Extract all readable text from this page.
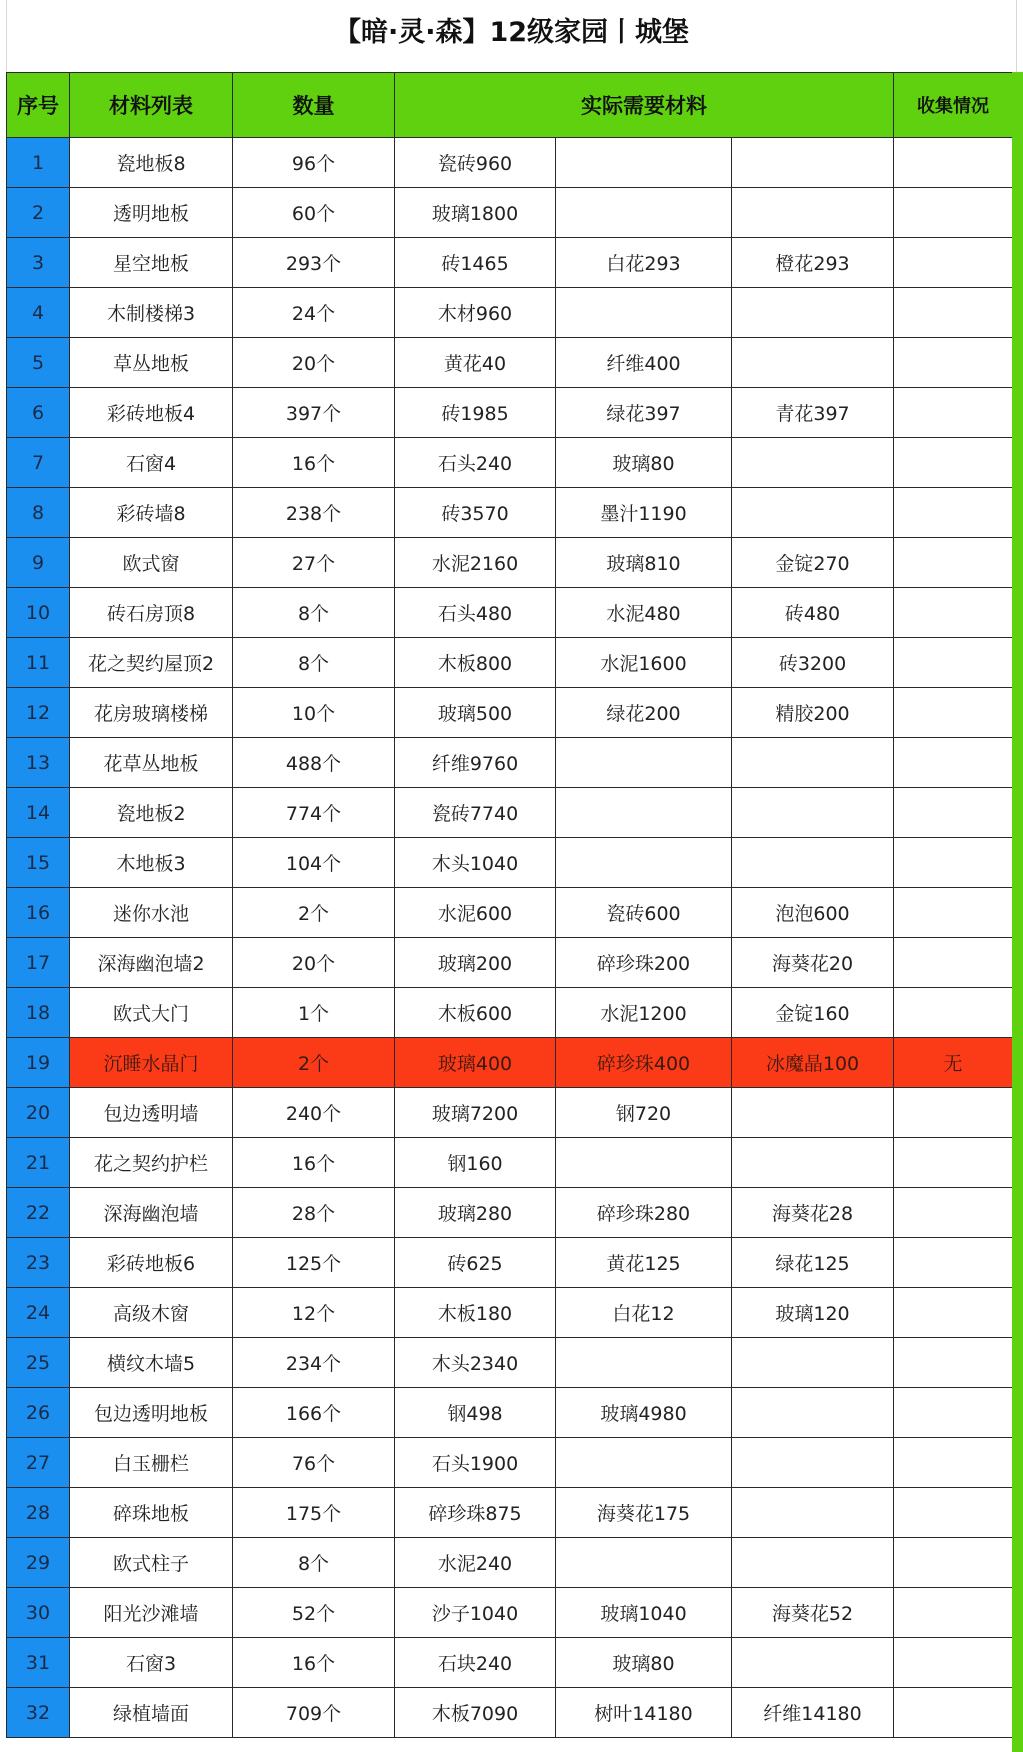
【暗·灵·森】12级家园丨城堡
序号	材料列表	数量	实际需要材料			收集情况
1	瓷地板8	96个	瓷砖960			
2	透明地板	60个	玻璃1800			
3	星空地板	293个	砖1465	白花293	橙花293	
4	木制楼梯3	24个	木材960			
5	草丛地板	20个	黄花40	纤维400		
6	彩砖地板4	397个	砖1985	绿花397	青花397	
7	石窗4	16个	石头240	玻璃80		
8	彩砖墙8	238个	砖3570	墨汁1190		
9	欧式窗	27个	水泥2160	玻璃810	金锭270	
10	砖石房顶8	8个	石头480	水泥480	砖480	
11	花之契约屋顶2	8个	木板800	水泥1600	砖3200	
12	花房玻璃楼梯	10个	玻璃500	绿花200	精胶200	
13	花草丛地板	488个	纤维9760			
14	瓷地板2	774个	瓷砖7740			
15	木地板3	104个	木头1040			
16	迷你水池	2个	水泥600	瓷砖600	泡泡600	
17	深海幽泡墙2	20个	玻璃200	碎珍珠200	海葵花20	
18	欧式大门	1个	木板600	水泥1200	金锭160	
19	沉睡水晶门	2个	玻璃400	碎珍珠400	冰魔晶100	无
20	包边透明墙	240个	玻璃7200	钢720		
21	花之契约护栏	16个	钢160			
22	深海幽泡墙	28个	玻璃280	碎珍珠280	海葵花28	
23	彩砖地板6	125个	砖625	黄花125	绿花125	
24	高级木窗	12个	木板180	白花12	玻璃120	
25	横纹木墙5	234个	木头2340			
26	包边透明地板	166个	钢498	玻璃4980		
27	白玉栅栏	76个	石头1900			
28	碎珠地板	175个	碎珍珠875	海葵花175		
29	欧式柱子	8个	水泥240			
30	阳光沙滩墙	52个	沙子1040	玻璃1040	海葵花52	
31	石窗3	16个	石块240	玻璃80		
32	绿植墙面	709个	木板7090	树叶14180	纤维14180	
